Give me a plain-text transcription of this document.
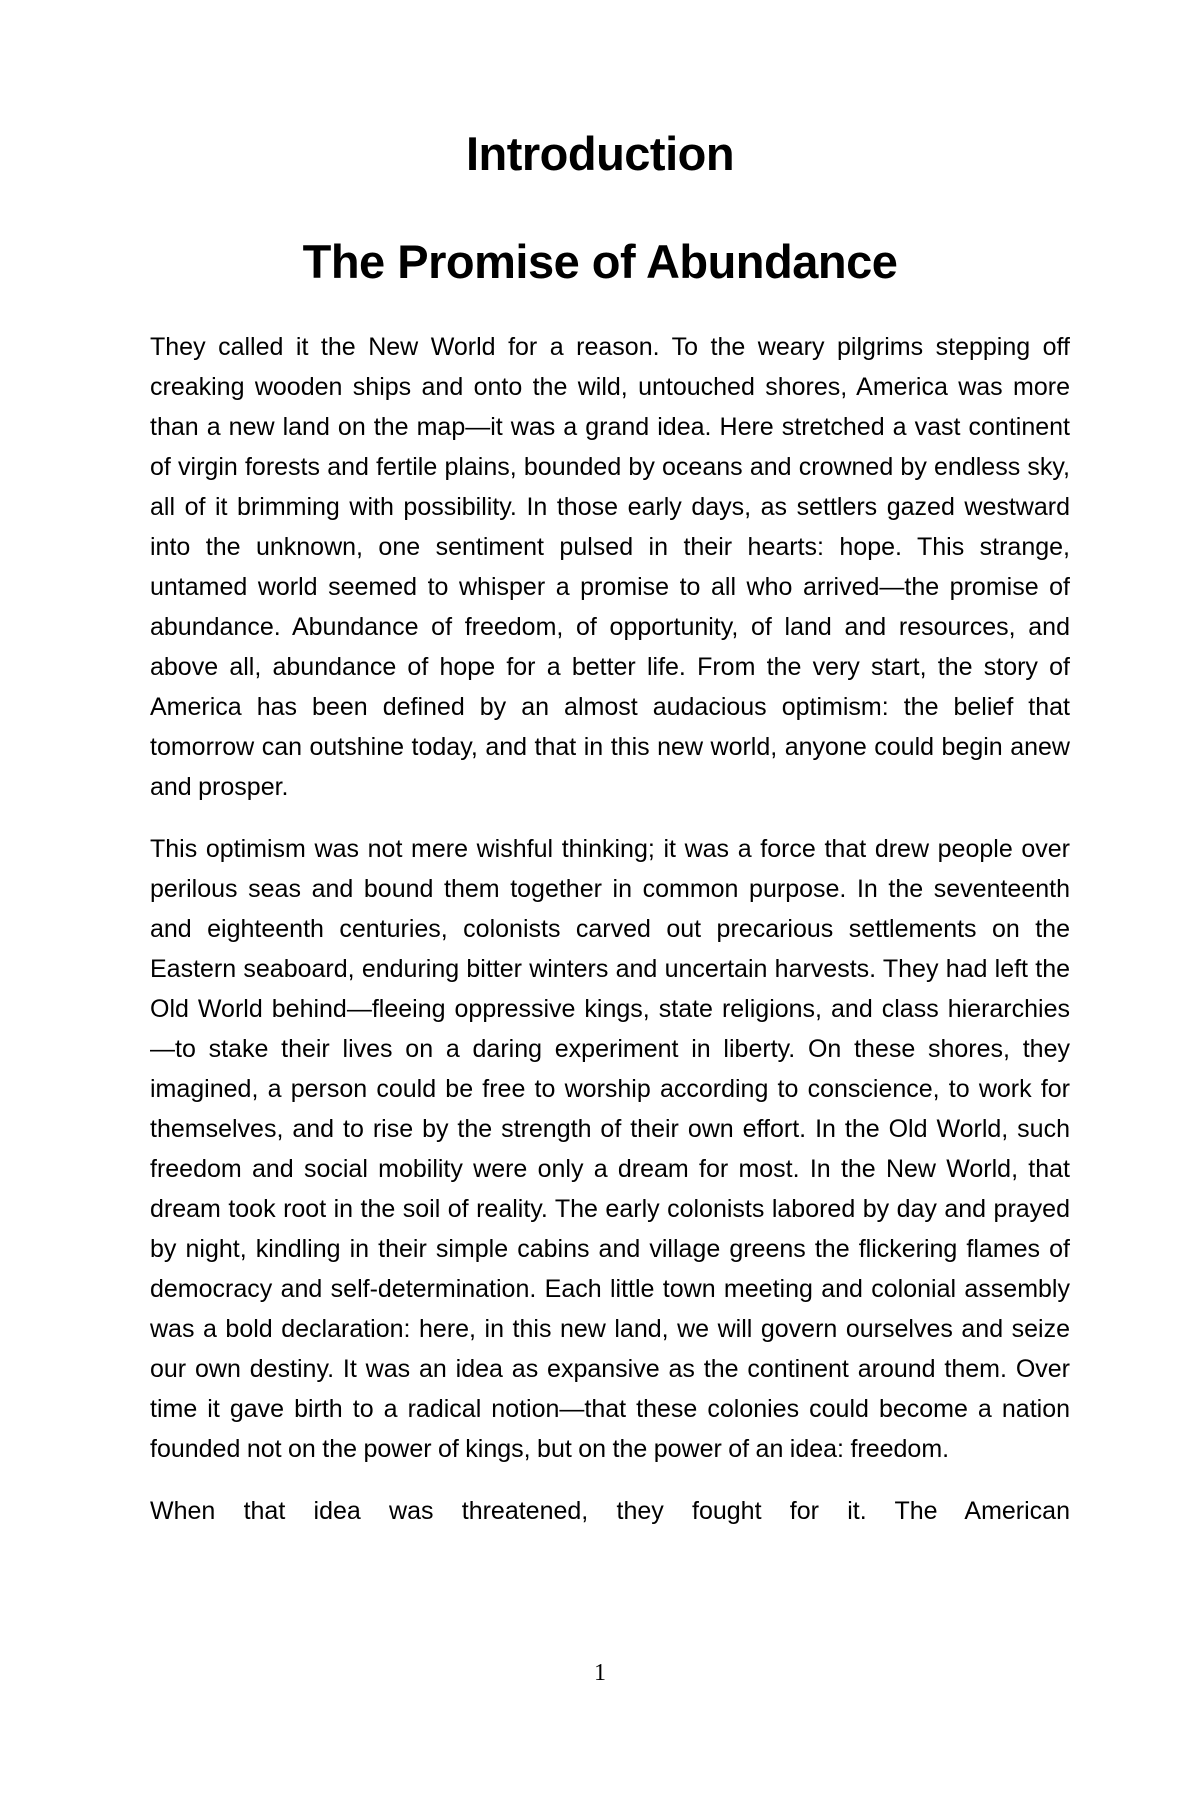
Introduction
The Promise of Abundance

They called it the New World for a reason. To the weary pilgrims stepping off creaking wooden ships and onto the wild, untouched shores, America was more than a new land on the map—it was a grand idea. Here stretched a vast continent of virgin forests and fertile plains, bounded by oceans and crowned by endless sky, all of it brimming with possibility. In those early days, as settlers gazed westward into the unknown, one sentiment pulsed in their hearts: hope. This strange, untamed world seemed to whisper a promise to all who arrived—the promise of abundance. Abundance of freedom, of opportunity, of land and resources, and above all, abundance of hope for a better life. From the very start, the story of America has been defined by an almost audacious optimism: the belief that tomorrow can outshine today, and that in this new world, anyone could begin anew and prosper.

This optimism was not mere wishful thinking; it was a force that drew people over perilous seas and bound them together in common purpose. In the seventeenth and eighteenth centuries, colonists carved out precarious settlements on the Eastern seaboard, enduring bitter winters and uncertain harvests. They had left the Old World behind—fleeing oppressive kings, state religions, and class hierarchies—to stake their lives on a daring experiment in liberty. On these shores, they imagined, a person could be free to worship according to conscience, to work for themselves, and to rise by the strength of their own effort. In the Old World, such freedom and social mobility were only a dream for most. In the New World, that dream took root in the soil of reality. The early colonists labored by day and prayed by night, kindling in their simple cabins and village greens the flickering flames of democracy and self-determination. Each little town meeting and colonial assembly was a bold declaration: here, in this new land, we will govern ourselves and seize our own destiny. It was an idea as expansive as the continent around them. Over time it gave birth to a radical notion—that these colonies could become a nation founded not on the power of kings, but on the power of an idea: freedom.

When that idea was threatened, they fought for it. The American

1
